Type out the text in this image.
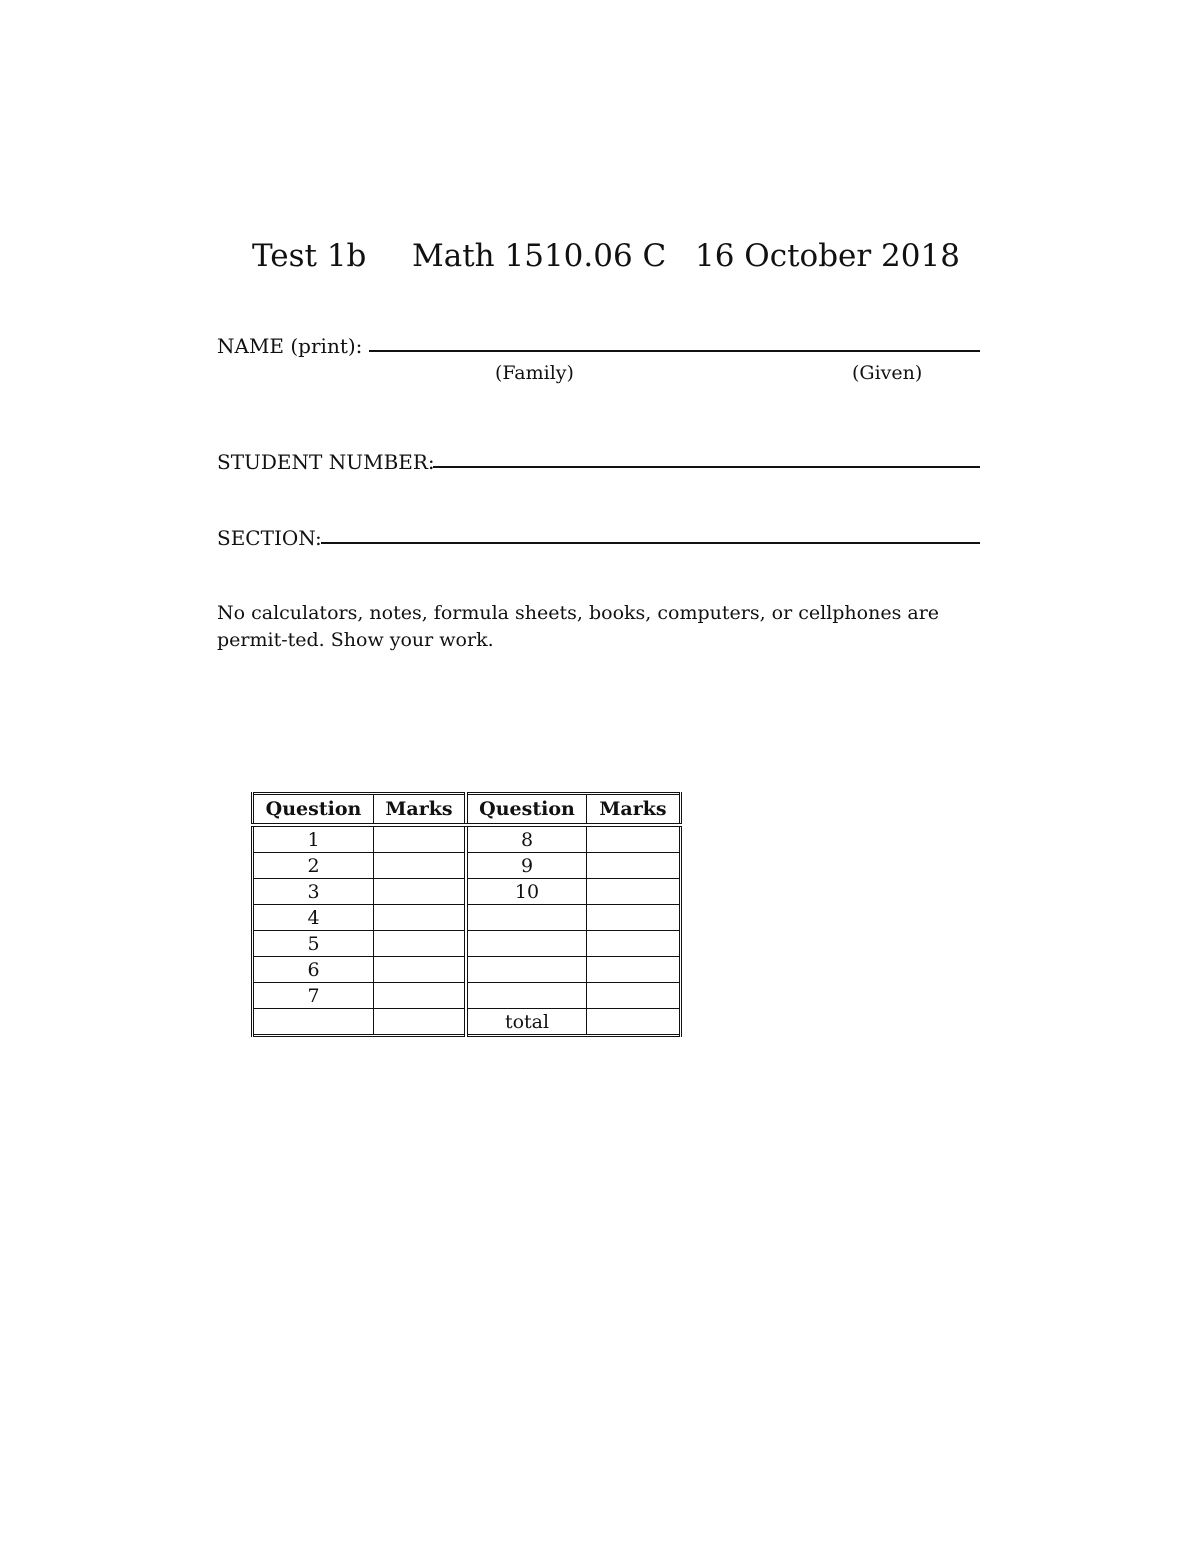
Test 1b	Math 1510.06 C 16 October 2018
NAME (print):
(Family)	(Given)
STUDENT NUMBER:
SECTION:
No calculators, notes, formula sheets, books, computers, or cellphones are permit-ted. Show your work.
Question	Marks	Question	Marks
1		8	
2		9	
3		10	
4			
5			
6			
7			
		total	
